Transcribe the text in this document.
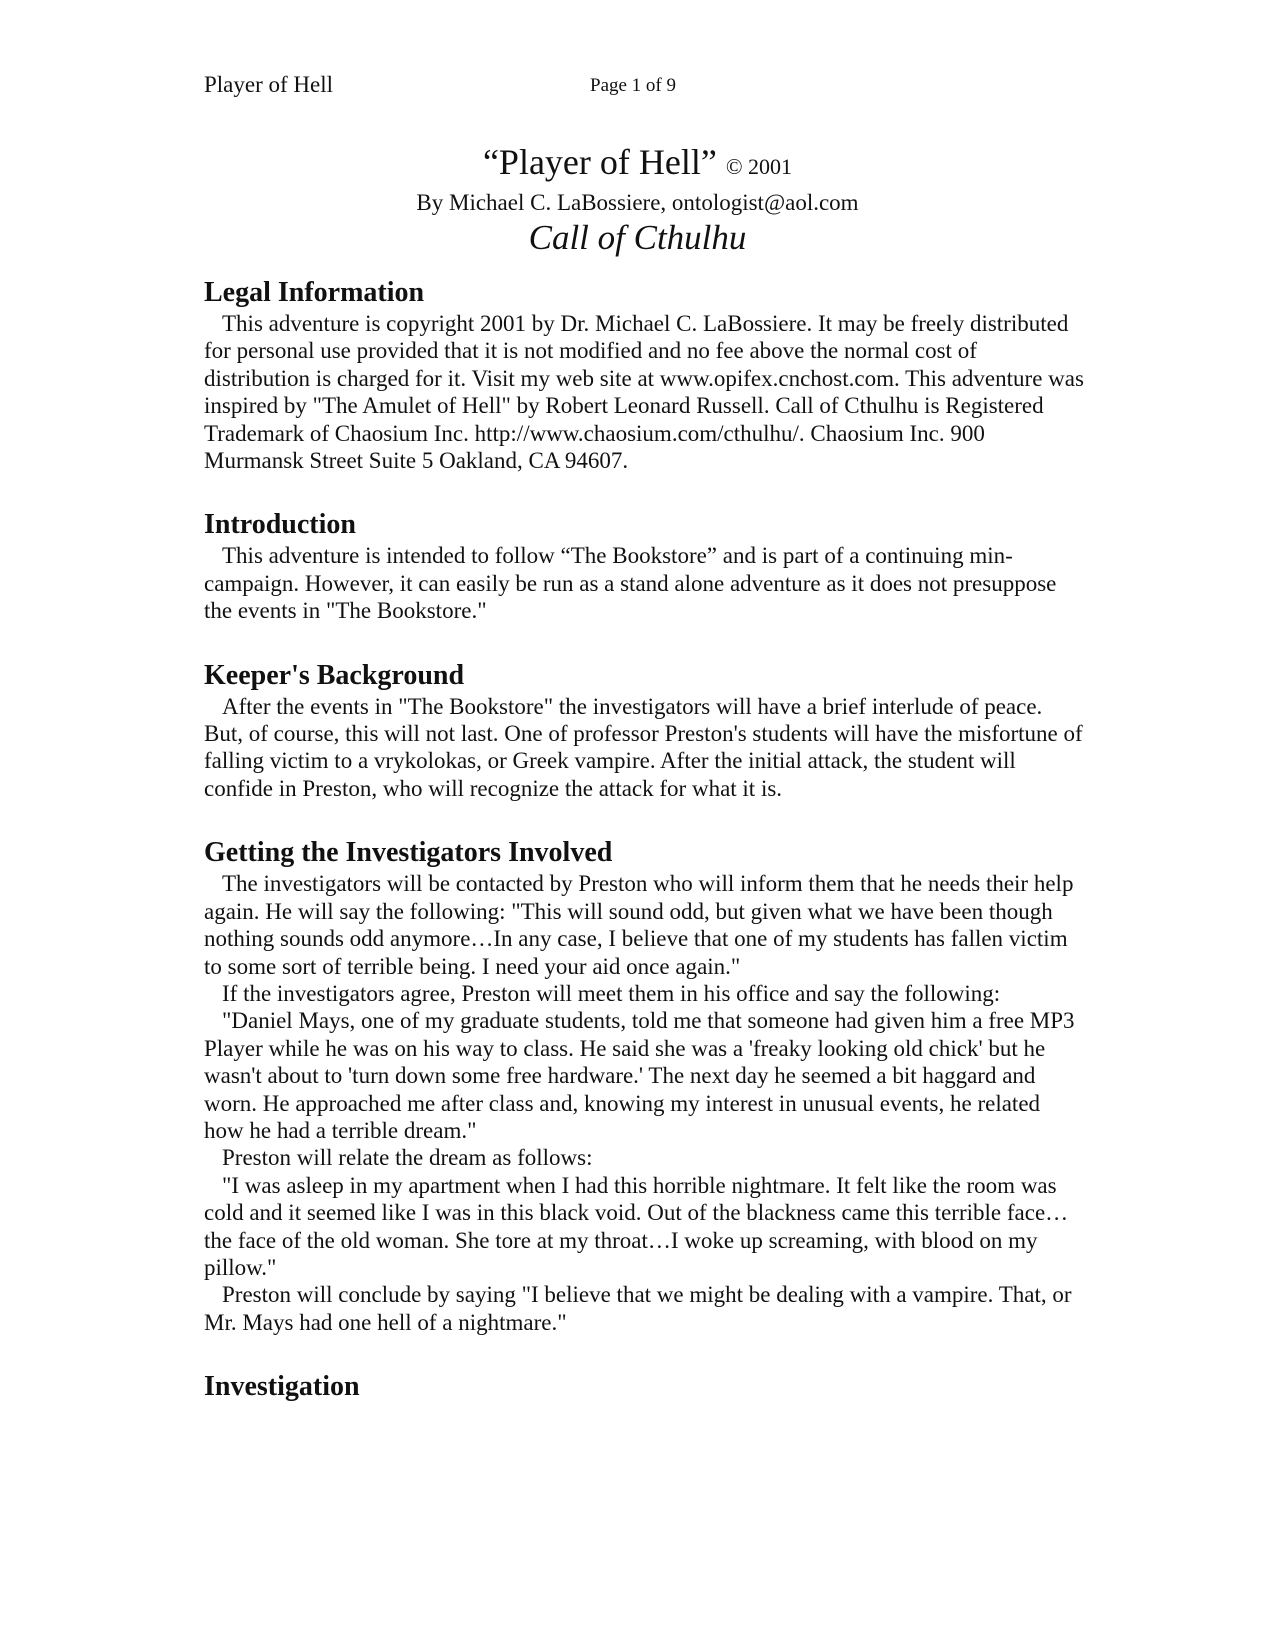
Player of Hell	Page 1 of 9
“Player of Hell” © 2001

By Michael C. LaBossiere, ontologist@aol.com

Call of Cthulhu

Legal Information

This adventure is copyright 2001 by Dr. Michael C. LaBossiere. It may be freely distributed for personal use provided that it is not modified and no fee above the normal cost of distribution is charged for it. Visit my web site at www.opifex.cnchost.com. This adventure was inspired by "The Amulet of Hell" by Robert Leonard Russell. Call of Cthulhu is Registered Trademark of Chaosium Inc. http://www.chaosium.com/cthulhu/. Chaosium Inc. 900 Murmansk Street Suite 5 Oakland, CA 94607.

Introduction

This adventure is intended to follow “The Bookstore” and is part of a continuing min-campaign. However, it can easily be run as a stand alone adventure as it does not presuppose the events in "The Bookstore."

Keeper's Background

After the events in "The Bookstore" the investigators will have a brief interlude of peace. But, of course, this will not last. One of professor Preston's students will have the misfortune of falling victim to a vrykolokas, or Greek vampire. After the initial attack, the student will confide in Preston, who will recognize the attack for what it is.

Getting the Investigators Involved

The investigators will be contacted by Preston who will inform them that he needs their help again. He will say the following: "This will sound odd, but given what we have been though nothing sounds odd anymore…In any case, I believe that one of my students has fallen victim to some sort of terrible being. I need your aid once again."

If the investigators agree, Preston will meet them in his office and say the following:

"Daniel Mays, one of my graduate students, told me that someone had given him a free MP3 Player while he was on his way to class. He said she was a 'freaky looking old chick' but he wasn't about to 'turn down some free hardware.' The next day he seemed a bit haggard and worn. He approached me after class and, knowing my interest in unusual events, he related how he had a terrible dream."

Preston will relate the dream as follows:

"I was asleep in my apartment when I had this horrible nightmare. It felt like the room was cold and it seemed like I was in this black void. Out of the blackness came this terrible face…the face of the old woman. She tore at my throat…I woke up screaming, with blood on my pillow."

Preston will conclude by saying "I believe that we might be dealing with a vampire. That, or Mr. Mays had one hell of a nightmare."

Investigation
